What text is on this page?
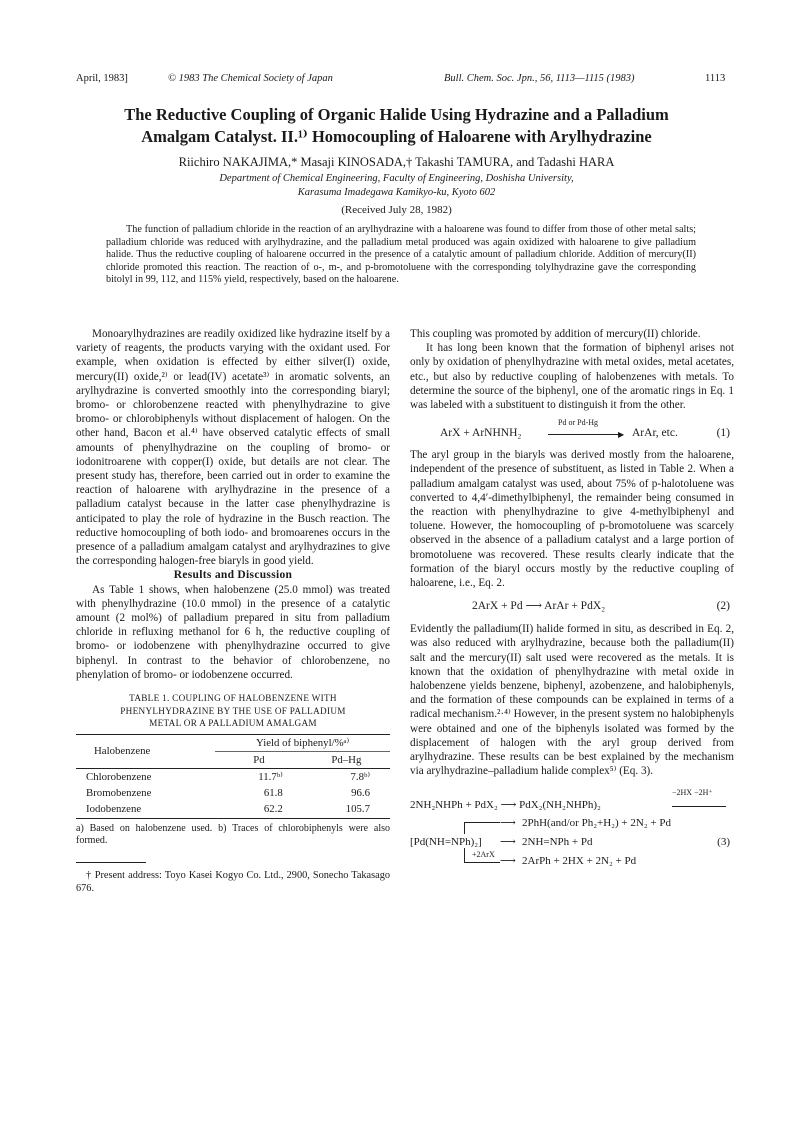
April, 1983]	© 1983 The Chemical Society of Japan	Bull. Chem. Soc. Jpn., 56, 1113—1115 (1983)	1113
The Reductive Coupling of Organic Halide Using Hydrazine and a Palladium
Amalgam Catalyst. II.¹⁾ Homocoupling of Haloarene with Arylhydrazine
Riichiro NAKAJIMA,* Masaji KINOSADA,† Takashi TAMURA, and Tadashi HARA
Department of Chemical Engineering, Faculty of Engineering, Doshisha University,
Karasuma Imadegawa Kamikyo-ku, Kyoto 602
(Received July 28, 1982)
The function of palladium chloride in the reaction of an arylhydrazine with a haloarene was found to differ from those of other metal salts; palladium chloride was reduced with arylhydrazine, and the palladium metal produced was again oxidized with haloarene to give palladium halide. Thus the reductive coupling of haloarene occurred in the presence of a catalytic amount of palladium chloride. Addition of mercury(II) chloride promoted this reaction. The reaction of o-, m-, and p-bromotoluene with the corresponding tolylhydrazine gave the corresponding bitolyl in 99, 112, and 115% yield, respectively, based on the haloarene.

Monoarylhydrazines are readily oxidized like hydrazine itself by a variety of reagents, the products varying with the oxidant used. For example, when oxidation is effected by either silver(I) oxide, mercury(II) oxide,²⁾ or lead(IV) acetate³⁾ in aromatic solvents, an arylhydrazine is converted smoothly into the corresponding biaryl; bromo- or chlorobenzene reacted with phenylhydrazine to give bromo- or chlorobiphenyls without displacement of halogen. On the other hand, Bacon et al.⁴⁾ have observed catalytic effects of small amounts of phenylhydrazine on the coupling of bromo- or iodonitroarene with copper(I) oxide, but details are not clear. The present study has, therefore, been carried out in order to examine the reaction of haloarene with arylhydrazine in the presence of a palladium catalyst because in the latter case phenylhydrazine is anticipated to play the role of hydrazine in the Busch reaction. The reductive homocoupling of both iodo- and bromoarenes occurs in the presence of a palladium amalgam catalyst and arylhydrazines to give the corresponding halogen-free biaryls in good yield.

Results and Discussion

As Table 1 shows, when halobenzene (25.0 mmol) was treated with phenylhydrazine (10.0 mmol) in the presence of a catalytic amount (2 mol%) of palladium prepared in situ from palladium chloride in refluxing methanol for 6 h, the reductive coupling of bromo- or iodobenzene with phenylhydrazine occurred to give biphenyl. In contrast to the behavior of chlorobenzene, no phenylation of bromo- or iodobenzene occurred.

TABLE 1. COUPLING OF HALOBENZENE WITH
PHENYLHYDRAZINE BY THE USE OF PALLADIUM
METAL OR A PALLADIUM AMALGAM
Halobenzene	Yield of biphenyl/%ᵃ⁾	
	Pd	Pd–Hg
Chlorobenzene	11.7ᵇ⁾	7.8ᵇ⁾
Bromobenzene	61.8	96.6
Iodobenzene	62.2	105.7
a) Based on halobenzene used. b) Traces of chlorobiphenyls were also formed.
† Present address: Toyo Kasei Kogyo Co. Ltd., 2900, Sonecho Takasago 676.

This coupling was promoted by addition of mercury(II) chloride.

It has long been known that the formation of biphenyl arises not only by oxidation of phenylhydrazine with metal oxides, metal acetates, etc., but also by reductive coupling of halobenzenes with metals. To determine the source of the biphenyl, one of the aromatic rings in Eq. 1 was labeled with a substituent to distinguish it from the other.

ArX + ArNHNH₂
Pd or Pd-Hg
▶ ArAr, etc.	(1)

The aryl group in the biaryls was derived mostly from the haloarene, independent of the presence of substituent, as listed in Table 2. When a palladium amalgam catalyst was used, about 75% of p-halotoluene was converted to 4,4′-dimethylbiphenyl, the remainder being consumed in the reaction with phenylhydrazine to give 4-methylbiphenyl and toluene. However, the homocoupling of p-bromotoluene was scarcely observed in the absence of a palladium catalyst and a large portion of bromotoluene was recovered. These results clearly indicate that the formation of the biaryl occurs mostly by the reductive coupling of haloarene, i.e., Eq. 2.

2ArX + Pd ⟶ ArAr + PdX₂	(2)

Evidently the palladium(II) halide formed in situ, as described in Eq. 2, was also reduced with arylhydrazine, because both the palladium(II) salt and the mercury(II) salt used were recovered as the metals. It is known that the oxidation of phenylhydrazine with metal oxide in halobenzene yields benzene, biphenyl, azobenzene, and halobiphenyls, and the formation of these compounds can be explained in terms of a radical mechanism.²·⁴⁾ However, in the present system no halobiphenyls were obtained and one of the biphenyls isolated was formed by the displacement of halogen with the aryl group derived from arylhydrazine. These results can be best explained by the mechanism via arylhydrazine–palladium halide complex⁵⁾ (Eq. 3).

2NH₂NHPh + PdX₂ ⟶ PdX₂(NH₂NHPh)₂
−2HX −2H⁺
⟶ 2PhH(and/or Ph₂+H₂) + 2N₂ + Pd
[Pd(NH=NPh)₂] ⟶ 2NH=NPh + Pd	(3)
+2ArX
⟶ 2ArPh + 2HX + 2N₂ + Pd
